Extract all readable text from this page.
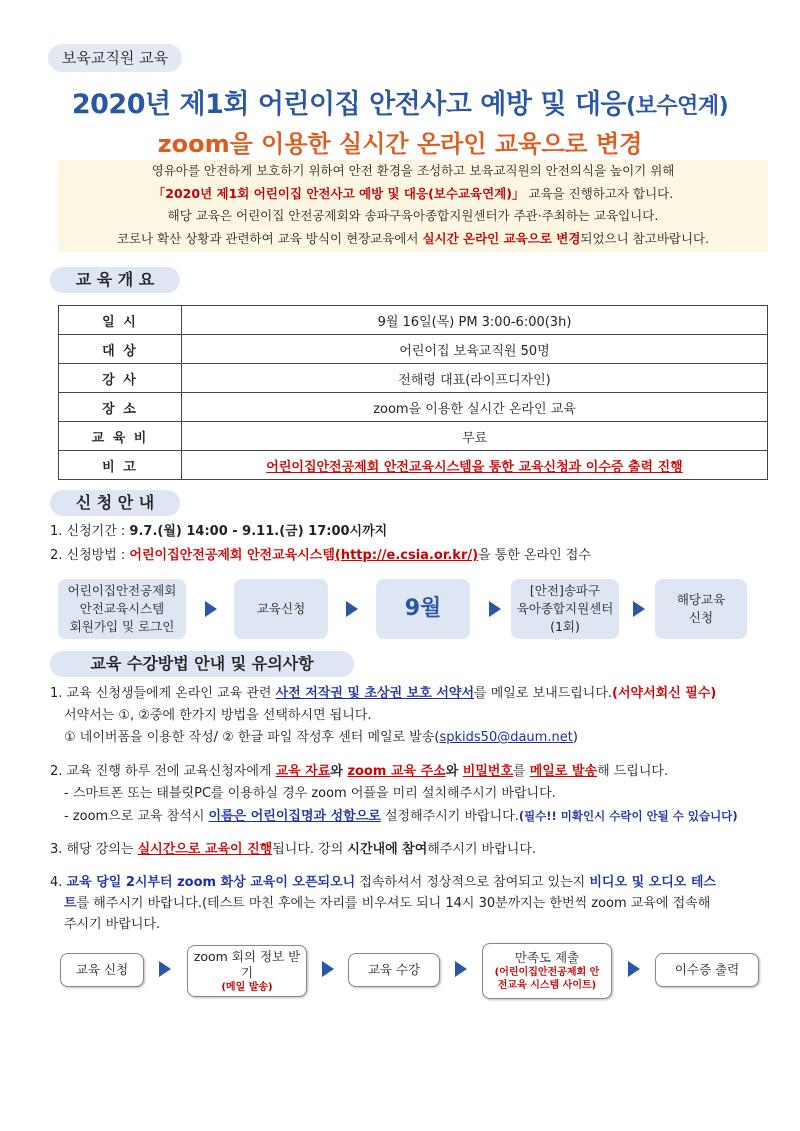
보육교직원 교육
2020년 제1회 어린이집 안전사고 예방 및 대응(보수연계)
zoom을 이용한 실시간 온라인 교육으로 변경
영유아를 안전하게 보호하기 위하여 안전 환경을 조성하고 보육교직원의 안전의식을 높이기 위해
「2020년 제1회 어린이집 안전사고 예방 및 대응(보수교육연계)」 교육을 진행하고자 합니다.
해당 교육은 어린이집 안전공제회와 송파구육아종합지원센터가 주관·주최하는 교육입니다.
코로나 확산 상황과 관련하여 교육 방식이 현장교육에서 실시간 온라인 교육으로 변경되었으니 참고바랍니다.
교 육 개 요
일 시	9월 16일(목) PM 3:00-6:00(3h)
대 상	어린이집 보육교직원 50명
강 사	전해령 대표(라이프디자인)
장 소	zoom을 이용한 실시간 온라인 교육
교 육 비	무료
비 고	어린이집안전공제회 안전교육시스템을 통한 교육신청과 이수증 출력 진행
신 청 안 내
1. 신청기간 : 9.7.(월) 14:00 - 9.11.(금) 17:00시까지
2. 신청방법 : 어린이집안전공제회 안전교육시스템(http://e.csia.or.kr/)을 통한 온라인 접수
어린이집안전공제회
안전교육시스템
회원가입 및 로그인
교육신청	9월
[안전]송파구
육아종합지원센터
(1회)
해당교육
신청
교육 수강방법 안내 및 유의사항
1. 교육 신청생들에게 온라인 교육 관련 사전 저작권 및 초상권 보호 서약서를 메일로 보내드립니다.(서약서회신 필수)
서약서는 ①, ②중에 한가지 방법을 선택하시면 됩니다.
① 네이버폼을 이용한 작성/ ② 한글 파일 작성후 센터 메일로 발송(spkids50@daum.net)
2. 교육 진행 하루 전에 교육신청자에게 교육 자료와 zoom 교육 주소와 비밀번호를 메일로 발송해 드립니다.
- 스마트폰 또는 태블릿PC를 이용하실 경우 zoom 어플을 미리 설치해주시기 바랍니다.
- zoom으로 교육 참석시 이름은 어린이집명과 성함으로 설정해주시기 바랍니다.(필수!! 미확인시 수락이 안될 수 있습니다)
3. 해당 강의는 실시간으로 교육이 진행됩니다. 강의 시간내에 참여해주시기 바랍니다.
4. 교육 당일 2시부터 zoom 화상 교육이 오픈되오니 접속하셔서 정상적으로 참여되고 있는지 비디오 및 오디오 테스
트를 해주시기 바랍니다.(테스트 마친 후에는 자리를 비우셔도 되니 14시 30분까지는 한번씩 zoom 교육에 접속해
주시기 바랍니다.
교육 신청
zoom 회의 정보 받기
(메일 발송)
교육 수강
만족도 제출
(어린이집안전공제회 안전교육 시스템 사이트)
이수증 출력
